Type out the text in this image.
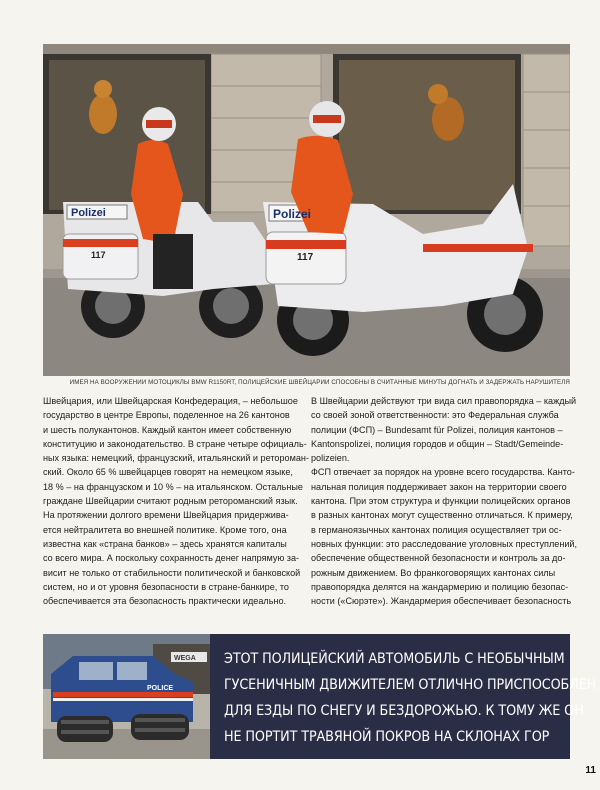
Polizei	Polizei
117	117
ИМЕЯ НА ВООРУЖЕНИИ МОТОЦИКЛЫ BMW R1150RT, ПОЛИЦЕЙСКИЕ ШВЕЙЦАРИИ СПОСОБНЫ В СЧИТАННЫЕ МИНУТЫ ДОГНАТЬ И ЗАДЕРЖАТЬ НАРУШИТЕЛЯ

Швейцария, или Швейцарская Конфедерация, – небольшое

государство в центре Европы, поделенное на 26 кантонов

и шесть полукантонов. Каждый кантон имеет собственную

конституцию и законодательство. В стране четыре официаль-

ных языка: немецкий, французский, итальянский и ретороман-

ский. Около 65 % швейцарцев говорят на немецком языке,

18 % – на французском и 10 % – на итальянском. Остальные

граждане Швейцарии считают родным ретороманский язык.

На протяжении долгого времени Швейцария придержива-

ется нейтралитета во внешней политике. Кроме того, она

известна как «страна банков» – здесь хранятся капиталы

со всего мира. А поскольку сохранность денег напрямую за-

висит не только от стабильности политической и банковской

систем, но и от уровня безопасности в стране-банкире, то

обеспечивается эта безопасность практически идеально.

В Швейцарии действуют три вида сил правопорядка – каждый

со своей зоной ответственности: это Федеральная служба

полиции (ФСП) – Bundesamt für Polizei, полиция кантонов –

Kantonspolizei, полиция городов и общин – Stadt/Gemeinde-

polizeien.

ФСП отвечает за порядок на уровне всего государства. Канто-

нальная полиция поддерживает закон на территории своего

кантона. При этом структура и функции полицейских органов

в разных кантонах могут существенно отличаться. К примеру,

в германоязычных кантонах полиция осуществляет три ос-

новных функции: это расследование уголовных преступлений,

обеспечение общественной безопасности и контроль за до-

рожным движением. Во франкоговорящих кантонах силы

правопорядка делятся на жандармерию и полицию безопас-

ности («Сюрэте»). Жандармерия обеспечивает безопасность

POLICE
WEGA ЭТОТ ПОЛИЦЕЙСКИЙ АВТОМОБИЛЬ С НЕОБЫЧНЫМ
ГУСЕНИЧНЫМ ДВИЖИТЕЛЕМ ОТЛИЧНО ПРИСПОСОБЛЕН
ДЛЯ ЕЗДЫ ПО СНЕГУ И БЕЗДОРОЖЬЮ. К ТОМУ ЖЕ ОН
НЕ ПОРТИТ ТРАВЯНОЙ ПОКРОВ НА СКЛОНАХ ГОР
11
